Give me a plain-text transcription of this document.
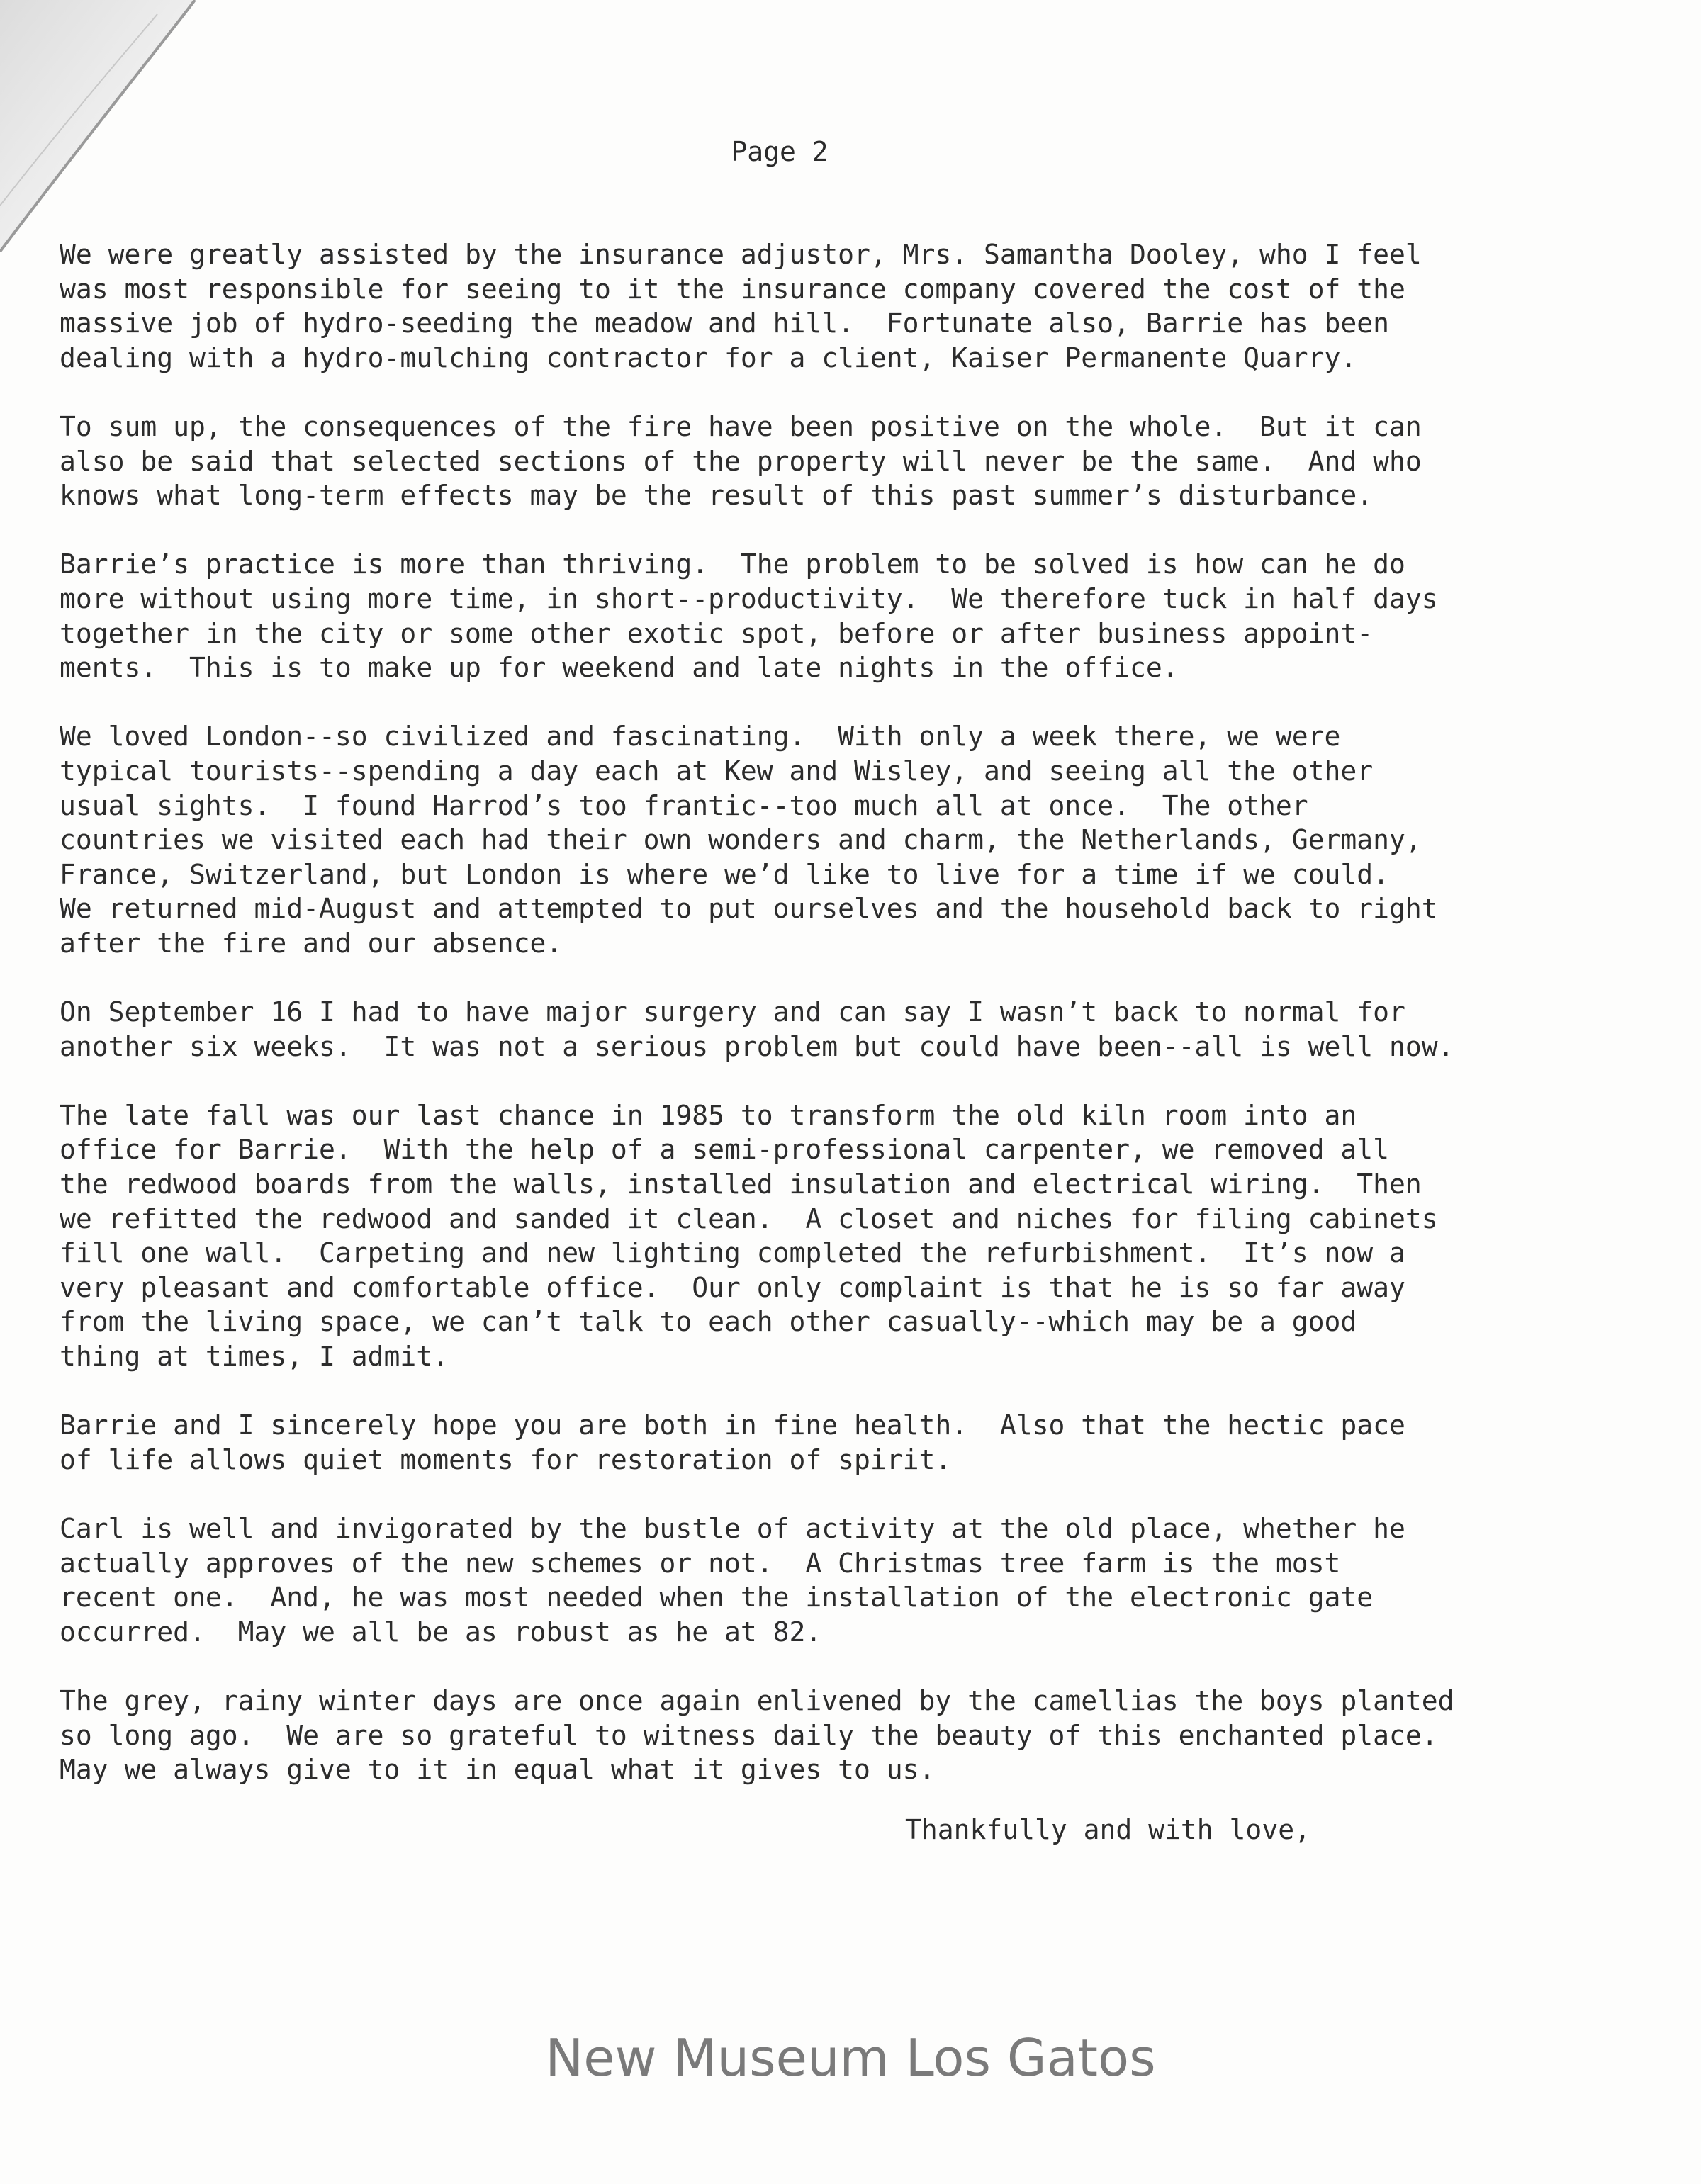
Page 2
We were greatly assisted by the insurance adjustor, Mrs. Samantha Dooley, who I feel
was most responsible for seeing to it the insurance company covered the cost of the
massive job of hydro-seeding the meadow and hill.  Fortunate also, Barrie has been
dealing with a hydro-mulching contractor for a client, Kaiser Permanente Quarry.
To sum up, the consequences of the fire have been positive on the whole.  But it can
also be said that selected sections of the property will never be the same.  And who
knows what long-term effects may be the result of this past summer’s disturbance.
Barrie’s practice is more than thriving.  The problem to be solved is how can he do
more without using more time, in short--productivity.  We therefore tuck in half days
together in the city or some other exotic spot, before or after business appoint-
ments.  This is to make up for weekend and late nights in the office.
We loved London--so civilized and fascinating.  With only a week there, we were
typical tourists--spending a day each at Kew and Wisley, and seeing all the other
usual sights.  I found Harrod’s too frantic--too much all at once.  The other
countries we visited each had their own wonders and charm, the Netherlands, Germany,
France, Switzerland, but London is where we’d like to live for a time if we could.
We returned mid-August and attempted to put ourselves and the household back to right
after the fire and our absence.
On September 16 I had to have major surgery and can say I wasn’t back to normal for
another six weeks.  It was not a serious problem but could have been--all is well now.
The late fall was our last chance in 1985 to transform the old kiln room into an
office for Barrie.  With the help of a semi-professional carpenter, we removed all
the redwood boards from the walls, installed insulation and electrical wiring.  Then
we refitted the redwood and sanded it clean.  A closet and niches for filing cabinets
fill one wall.  Carpeting and new lighting completed the refurbishment.  It’s now a
very pleasant and comfortable office.  Our only complaint is that he is so far away
from the living space, we can’t talk to each other casually--which may be a good
thing at times, I admit.
Barrie and I sincerely hope you are both in fine health.  Also that the hectic pace
of life allows quiet moments for restoration of spirit.
Carl is well and invigorated by the bustle of activity at the old place, whether he
actually approves of the new schemes or not.  A Christmas tree farm is the most
recent one.  And, he was most needed when the installation of the electronic gate
occurred.  May we all be as robust as he at 82.
The grey, rainy winter days are once again enlivened by the camellias the boys planted
so long ago.  We are so grateful to witness daily the beauty of this enchanted place.
May we always give to it in equal what it gives to us.
Thankfully and with love,
New Museum Los Gatos
